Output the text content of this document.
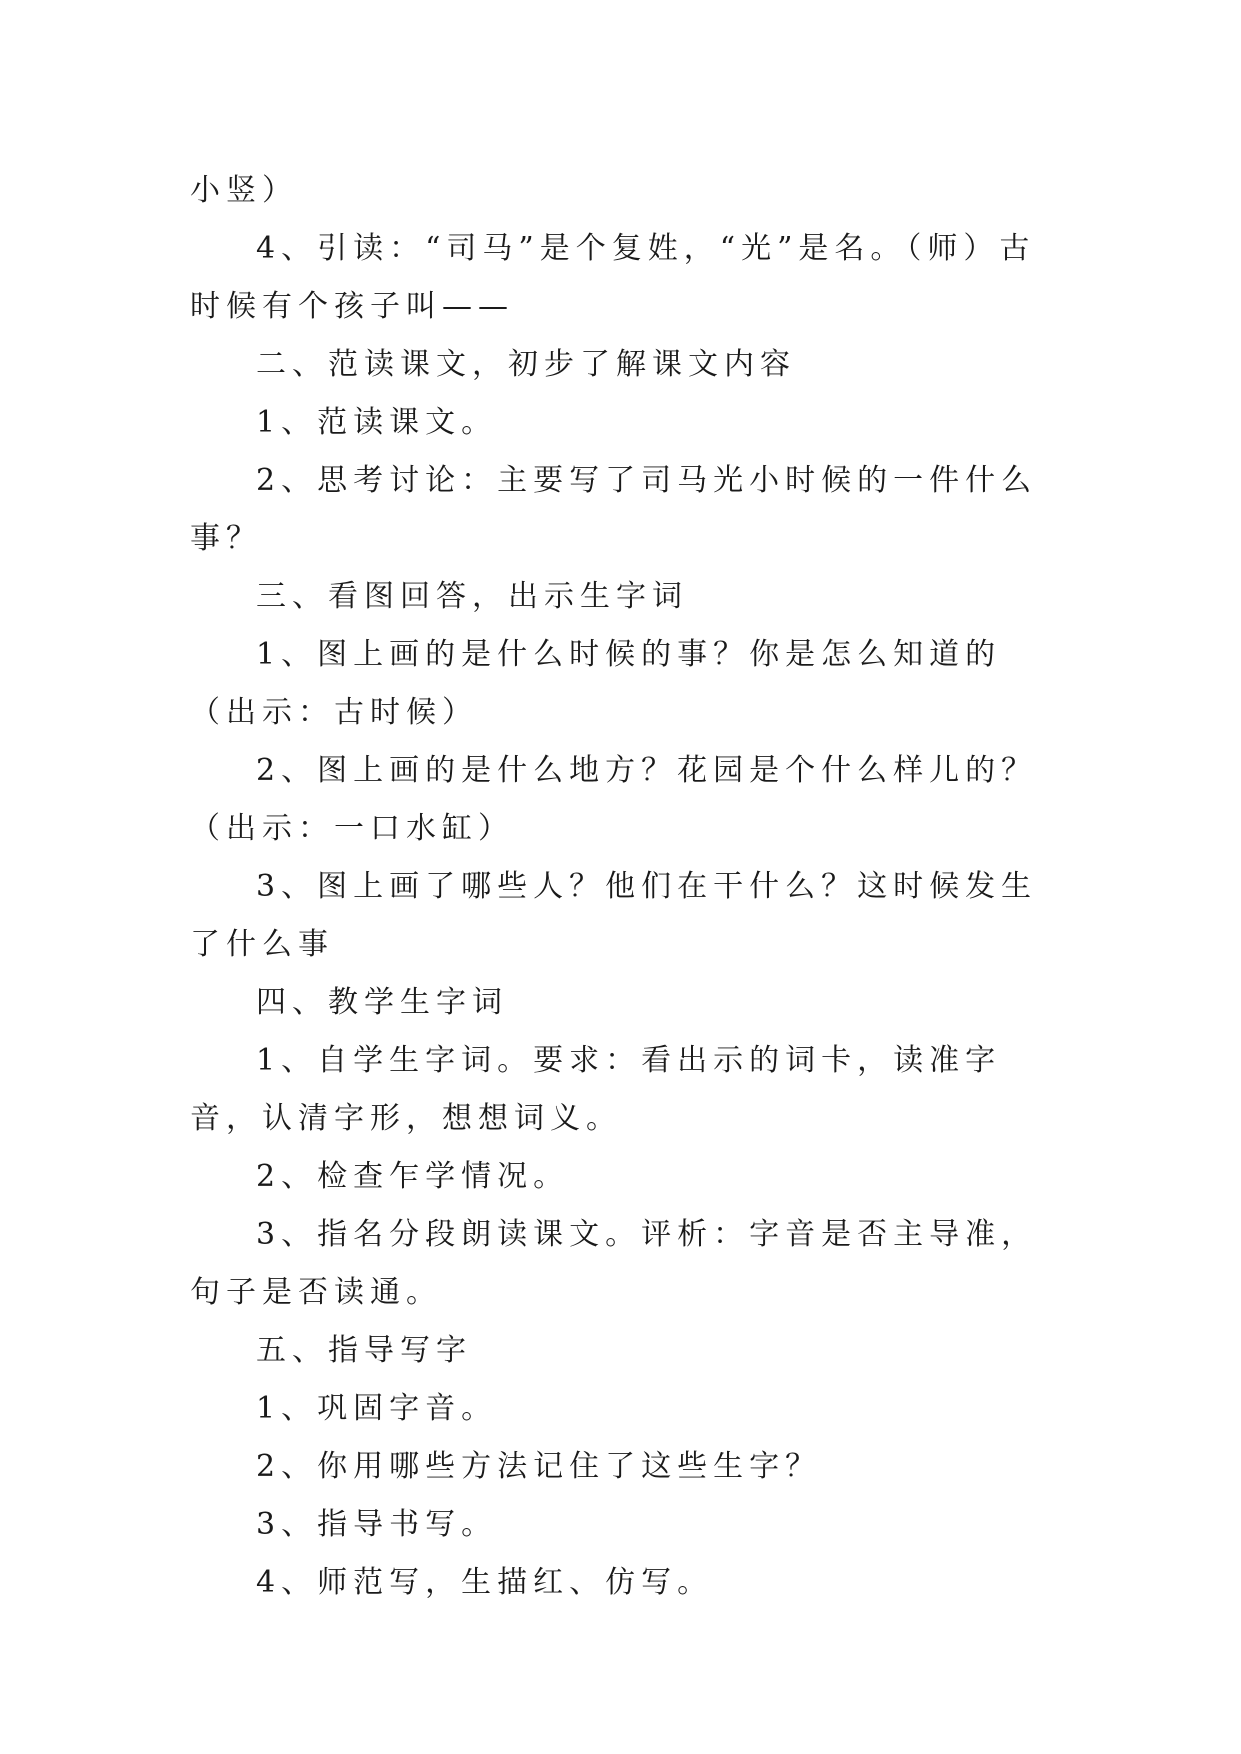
小竖）

4、引读：“司马”是个复姓，“光”是名。（师）古时候有个孩子叫——

二、范读课文，初步了解课文内容

1、范读课文。

2、思考讨论：主要写了司马光小时候的一件什么事？

三、看图回答，出示生字词

1、图上画的是什么时候的事？你是怎么知道的（出示：古时候）

2、图上画的是什么地方？花园是个什么样儿的？（出示：一口水缸）

3、图上画了哪些人？他们在干什么？这时候发生了什么事

四、教学生字词

1、自学生字词。要求：看出示的词卡，读准字音，认清字形，想想词义。

2、检查乍学情况。

3、指名分段朗读课文。评析：字音是否主导准，句子是否读通。

五、指导写字

1、巩固字音。

2、你用哪些方法记住了这些生字？

3、指导书写。

4、师范写，生描红、仿写。
